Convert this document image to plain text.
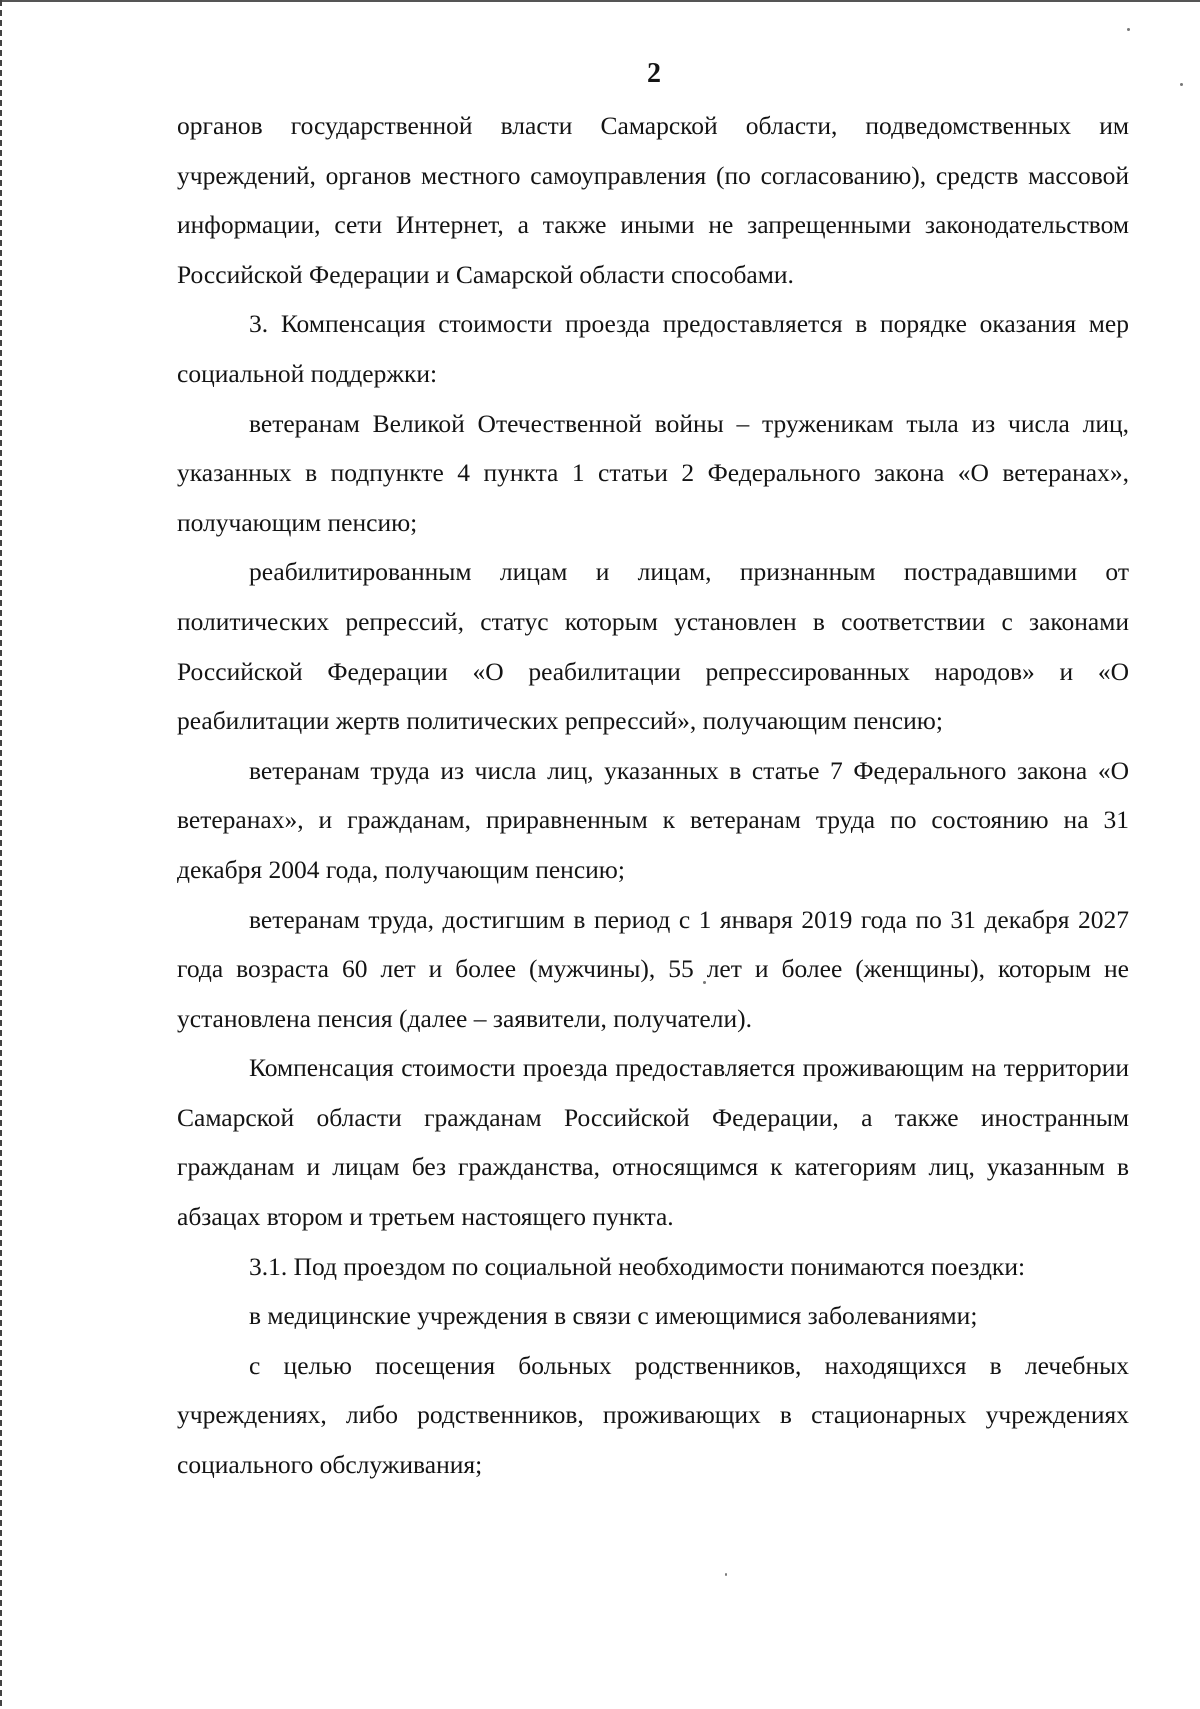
2

органов государственной власти Самарской области, подведомственных им учреждений, органов местного самоуправления (по согласованию), средств массовой информации, сети Интернет, а также иными не запрещенными законодательством Российской Федерации и Самарской области способами.

3. Компенсация стоимости проезда предоставляется в порядке оказания мер социальной поддержки:

ветеранам Великой Отечественной войны – труженикам тыла из числа лиц, указанных в подпункте 4 пункта 1 статьи 2 Федерального закона «О ветеранах», получающим пенсию;

реабилитированным лицам и лицам, признанным пострадавшими от политических репрессий, статус которым установлен в соответствии с законами Российской Федерации «О реабилитации репрессированных народов» и «О реабилитации жертв политических репрессий», получающим пенсию;

ветеранам труда из числа лиц, указанных в статье 7 Федерального закона «О ветеранах», и гражданам, приравненным к ветеранам труда по состоянию на 31 декабря 2004 года, получающим пенсию;

ветеранам труда, достигшим в период с 1 января 2019 года по 31 декабря 2027 года возраста 60 лет и более (мужчины), 55 лет и более (женщины), которым не установлена пенсия (далее – заявители, получатели).

Компенсация стоимости проезда предоставляется проживающим на территории Самарской области гражданам Российской Федерации, а также иностранным гражданам и лицам без гражданства, относящимся к категориям лиц, указанным в абзацах втором и третьем настоящего пункта.

3.1. Под проездом по социальной необходимости понимаются поездки:

в медицинские учреждения в связи с имеющимися заболеваниями;

с целью посещения больных родственников, находящихся в лечебных учреждениях, либо родственников, проживающих в стационарных учреждениях социального обслуживания;
